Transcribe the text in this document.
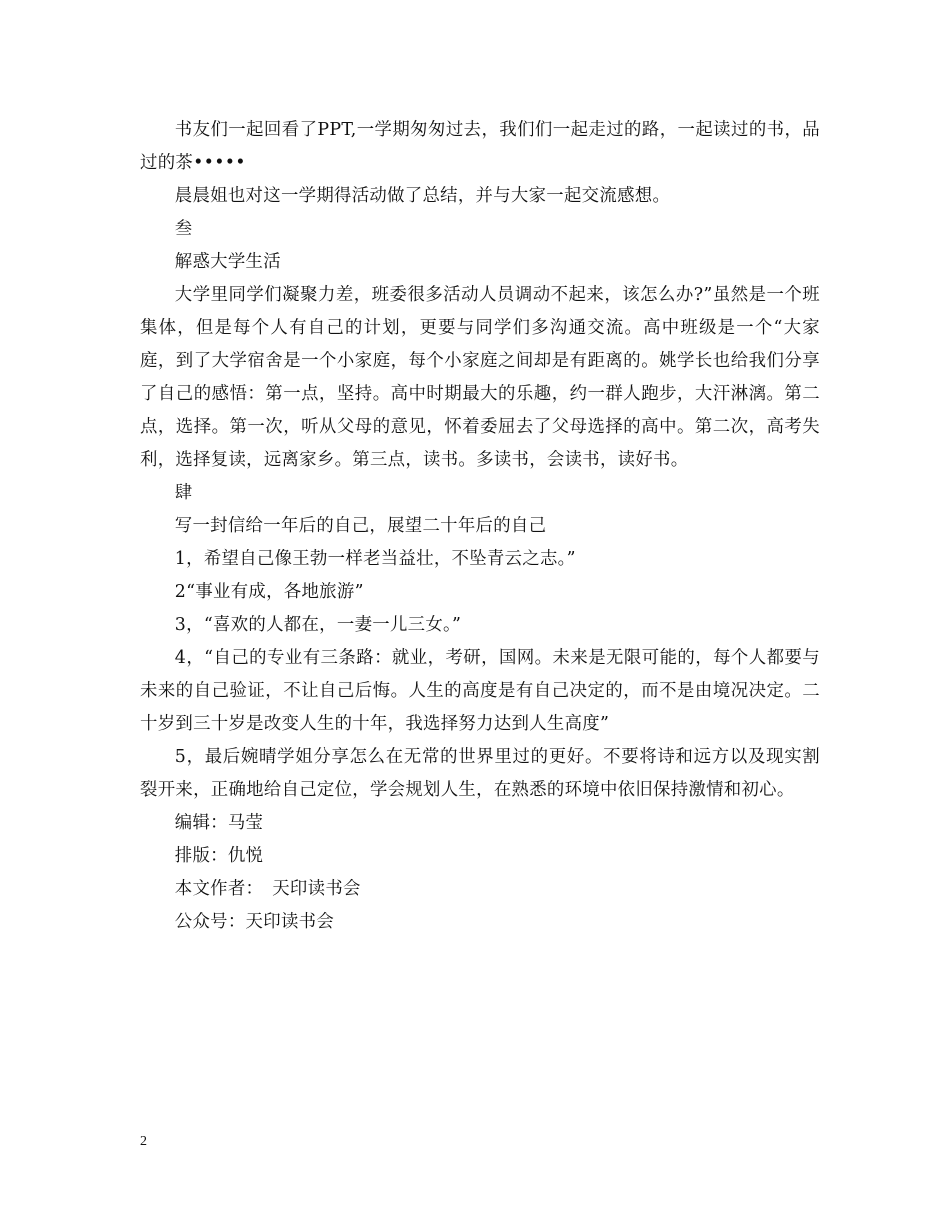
书友们一起回看了PPT,一学期匆匆过去，我们们一起走过的路，一起读过的书，品过的茶•••••

晨晨姐也对这一学期得活动做了总结，并与大家一起交流感想。

叁

解惑大学生活

大学里同学们凝聚力差，班委很多活动人员调动不起来，该怎么办?”虽然是一个班集体，但是每个人有自己的计划，更要与同学们多沟通交流。高中班级是一个“大家庭，到了大学宿舍是一个小家庭，每个小家庭之间却是有距离的。姚学长也给我们分享了自己的感悟：第一点，坚持。高中时期最大的乐趣，约一群人跑步，大汗淋漓。第二点，选择。第一次，听从父母的意见，怀着委屈去了父母选择的高中。第二次，高考失利，选择复读，远离家乡。第三点，读书。多读书，会读书，读好书。

肆

写一封信给一年后的自己，展望二十年后的自己

1，希望自己像王勃一样老当益壮，不坠青云之志。”

2“事业有成，各地旅游”

3，“喜欢的人都在，一妻一儿三女。”

4，“自己的专业有三条路：就业，考研，国网。未来是无限可能的，每个人都要与未来的自己验证，不让自己后悔。人生的高度是有自己决定的，而不是由境况决定。二十岁到三十岁是改变人生的十年，我选择努力达到人生高度”

5，最后婉晴学姐分享怎么在无常的世界里过的更好。不要将诗和远方以及现实割裂开来，正确地给自己定位，学会规划人生，在熟悉的环境中依旧保持激情和初心。

编辑：马莹

排版：仇悦

本文作者：　天印读书会

公众号：天印读书会

2
